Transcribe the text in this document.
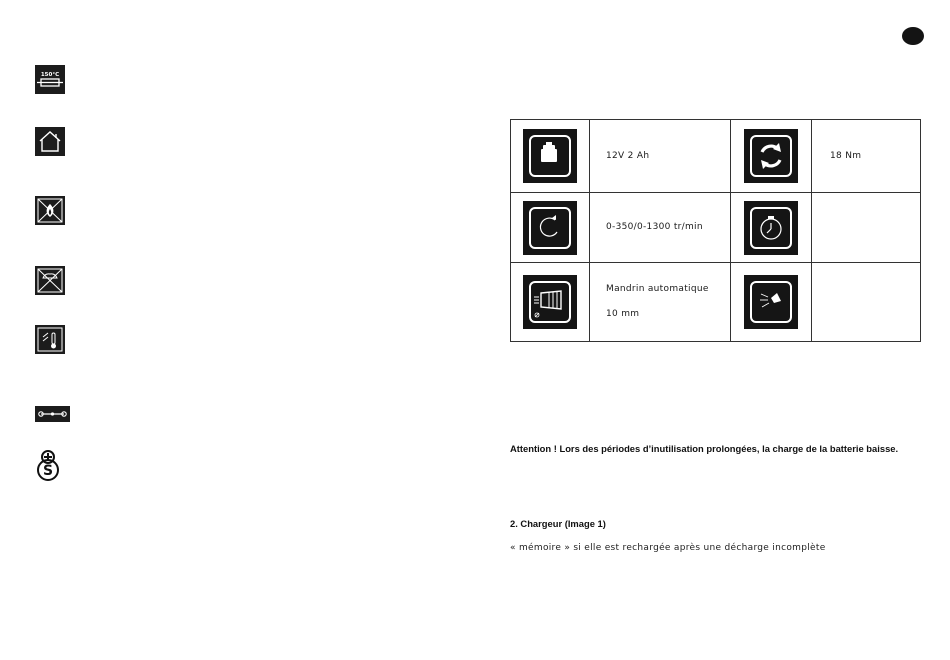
150°C
S

12V 2 Ah		18 Nm

0-350/0-1300 tr/min

Mandrin automatique
10 mm

Attention ! Lors des périodes d’inutilisation prolongées, la charge de la batterie baisse.
2. Chargeur (Image 1)
« mémoire » si elle est rechargée après une décharge incomplète
